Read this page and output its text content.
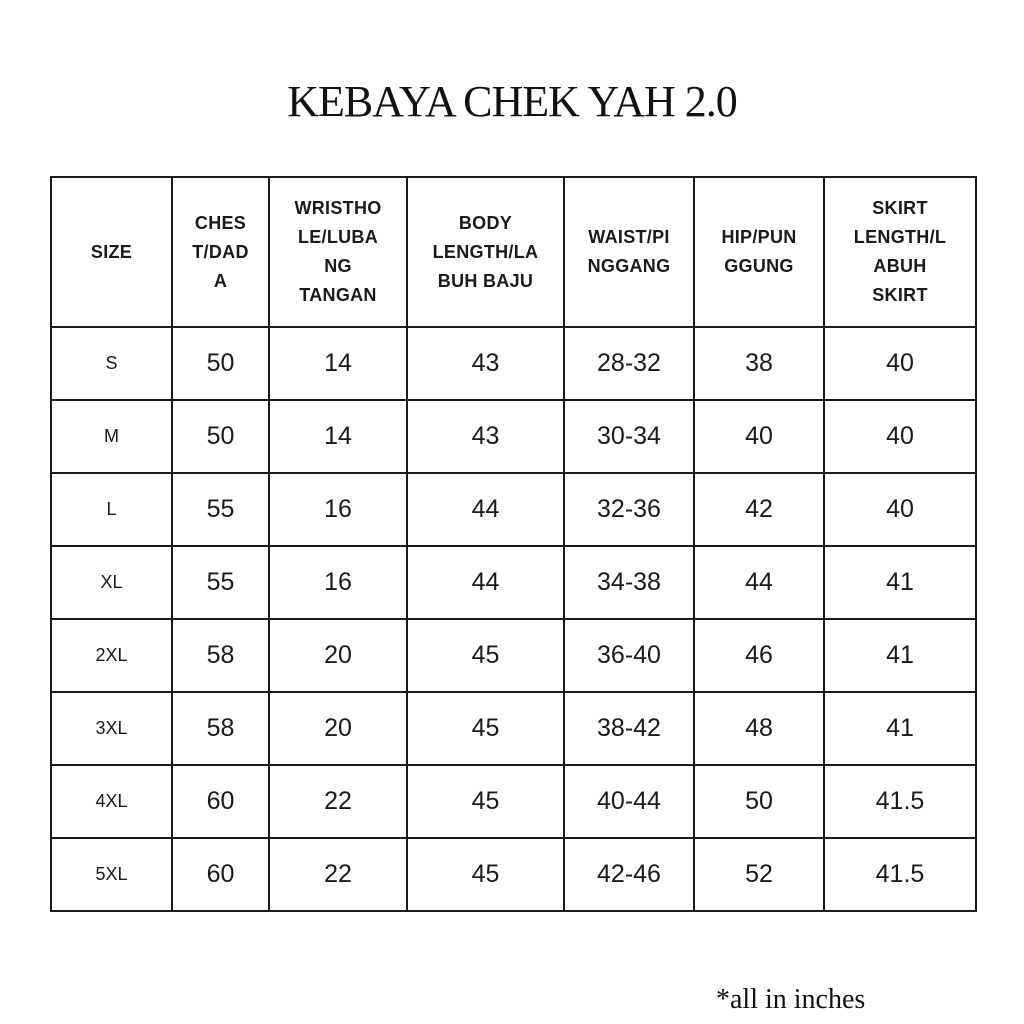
KEBAYA CHEK YAH 2.0
SIZE	CHES
T/DAD
A	WRISTHO
LE/LUBA
NG
TANGAN	BODY
LENGTH/LA
BUH BAJU	WAIST/PI
NGGANG	HIP/PUN
GGUNG	SKIRT
LENGTH/L
ABUH
SKIRT
S	50	14	43	28-32	38	40
M	50	14	43	30-34	40	40
L	55	16	44	32-36	42	40
XL	55	16	44	34-38	44	41
2XL	58	20	45	36-40	46	41
3XL	58	20	45	38-42	48	41
4XL	60	22	45	40-44	50	41.5
5XL	60	22	45	42-46	52	41.5
*all in inches
